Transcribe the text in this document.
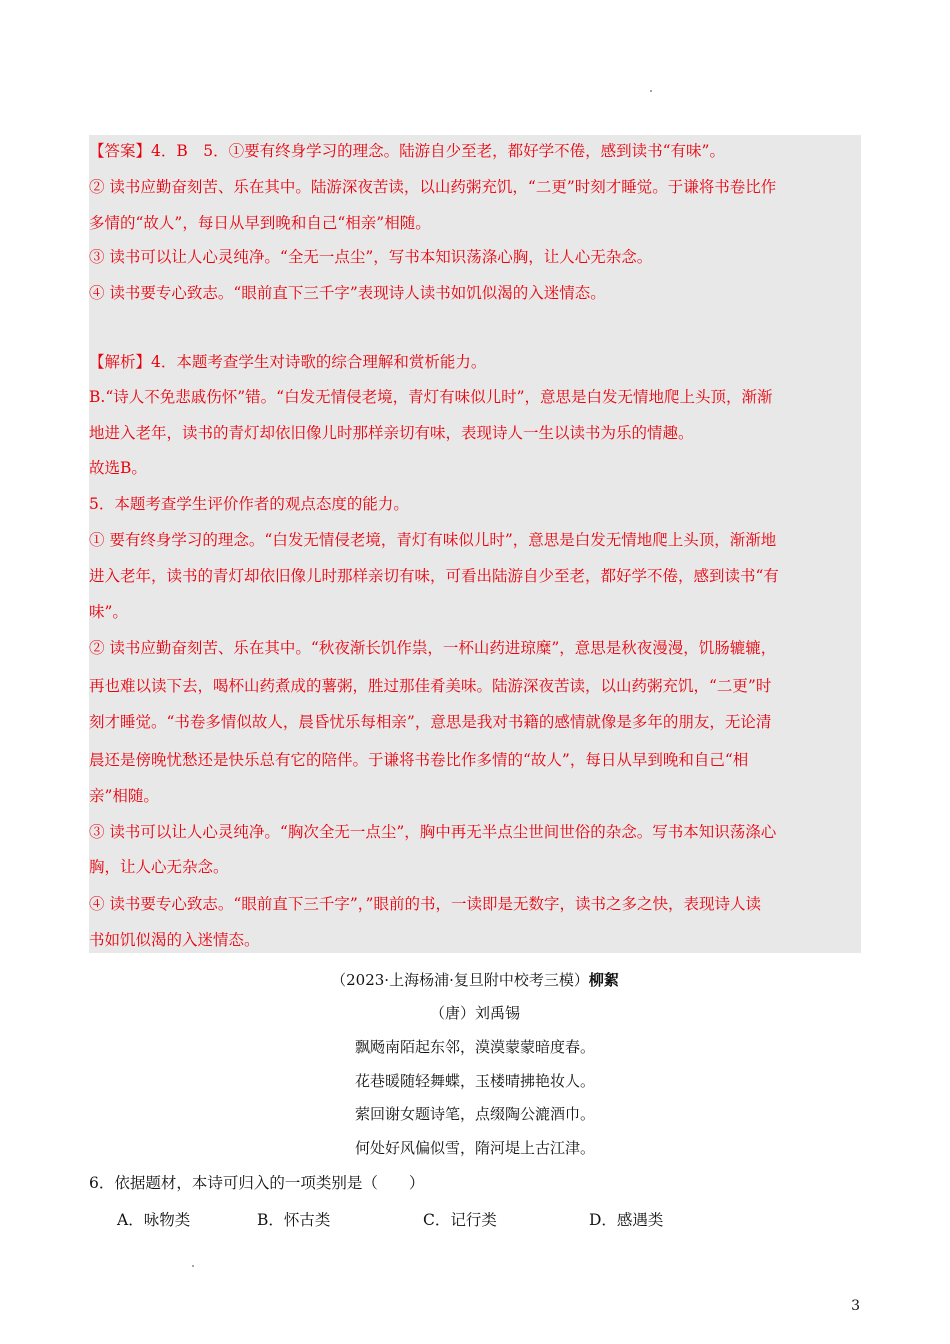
【答案】4．B　5．①要有终身学习的理念。陆游自少至老，都好学不倦，感到读书“有味”。
② 读书应勤奋刻苦、乐在其中。陆游深夜苦读，以山药粥充饥，“二更”时刻才睡觉。于谦将书卷比作
多情的“故人”，每日从早到晚和自己“相亲”相随。
③ 读书可以让人心灵纯净。“全无一点尘”，写书本知识荡涤心胸，让人心无杂念。
④ 读书要专心致志。“眼前直下三千字”表现诗人读书如饥似渴的入迷情态。
【解析】4．本题考查学生对诗歌的综合理解和赏析能力。
B.“诗人不免悲戚伤怀”错。“白发无情侵老境，青灯有味似儿时”，意思是白发无情地爬上头顶，渐渐
地进入老年，读书的青灯却依旧像儿时那样亲切有味，表现诗人一生以读书为乐的情趣。
故选B。
5．本题考查学生评价作者的观点态度的能力。
① 要有终身学习的理念。“白发无情侵老境，青灯有味似儿时”，意思是白发无情地爬上头顶，渐渐地
进入老年，读书的青灯却依旧像儿时那样亲切有味，可看出陆游自少至老，都好学不倦，感到读书“有
味”。
② 读书应勤奋刻苦、乐在其中。“秋夜渐长饥作祟，一杯山药进琼糜”，意思是秋夜漫漫，饥肠辘辘，
再也难以读下去，喝杯山药煮成的薯粥，胜过那佳肴美味。陆游深夜苦读，以山药粥充饥，“二更”时
刻才睡觉。“书卷多情似故人，晨昏忧乐每相亲”，意思是我对书籍的感情就像是多年的朋友，无论清
晨还是傍晚忧愁还是快乐总有它的陪伴。于谦将书卷比作多情的“故人”，每日从早到晚和自己“相
亲”相随。
③ 读书可以让人心灵纯净。“胸次全无一点尘”，胸中再无半点尘世间世俗的杂念。写书本知识荡涤心
胸，让人心无杂念。
④ 读书要专心致志。“眼前直下三千字”，”眼前的书，一读即是无数字，读书之多之快，表现诗人读
书如饥似渴的入迷情态。
（2023·上海杨浦·复旦附中校考三模）柳絮
（唐）刘禹锡
飘飏南陌起东邻，漠漠蒙蒙暗度春。
花巷暖随轻舞蝶，玉楼晴拂艳妆人。
萦回谢女题诗笔，点缀陶公漉酒巾。
何处好风偏似雪，隋河堤上古江津。
6．依据题材，本诗可归入的一项类别是（　　）
A．咏物类	B．怀古类	C．记行类	D．感遇类
3
